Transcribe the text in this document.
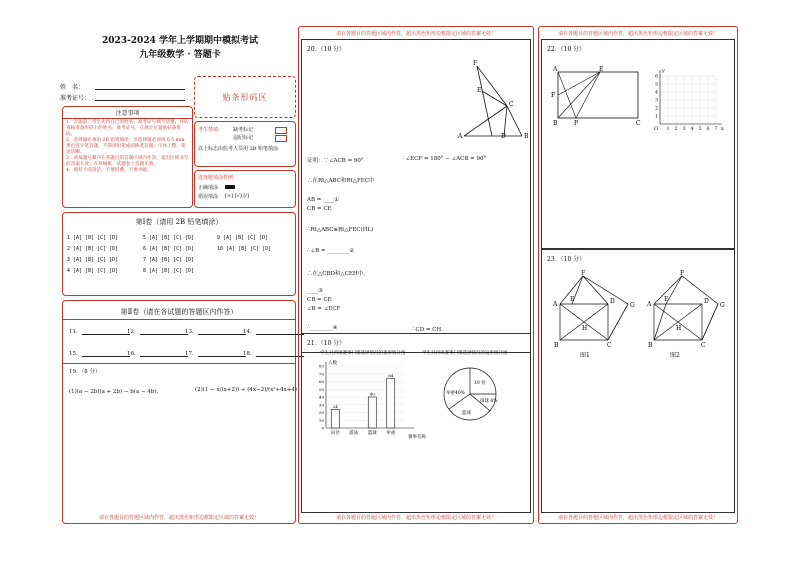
2023-2024 学年上学期期中模拟考试
九年级数学 · 答题卡
姓　名：
准考证号：	贴条形码区
注意事项
1．答题前，考生先将自己的姓名、准考证号填写清楚，并认真核准条形码上的姓名、准考证号，在规定位置贴好条形码。
2．选择题必须用 2B 铅笔填涂；非选择题必须用 0.5 mm 黑色签字笔答题，不得用铅笔或圆珠笔答题；字体工整、笔迹清晰。
3．请按题号顺序在各题目的答题区域内作答，超出区域书写的答案无效；在草稿纸、试题卷上答题无效。
4．保持卡面清洁，不要折叠、不要弄破。
考生禁填： 缺考标记
违纪标记
以上标志由监考人员用 2B 铅笔填涂
选择题填涂样例：
正确填涂
错误填涂 [×] [√] [/]
第Ⅰ卷（请用 2B 铅笔填涂）
1 [A] [B] [C] [D]
2 [A] [B] [C] [D]
3 [A] [B] [C] [D]
4 [A] [B] [C] [D]
5 [A] [B] [C] [D]
6 [A] [B] [C] [D]
7 [A] [B] [C] [D]
8 [A] [B] [C] [D]
9 [A] [B] [C] [D]
10 [A] [B] [C] [D]
第Ⅱ卷（请在各试题的答题区内作答）
11．	12．	13．	14．
15．	16．	17．	18．
19．（8 分）
(1)(a − 2b)(a + 2b) − b(a − 4b)；	(2)(1 − x/(x+2)) ÷ (4x−2)/(x²+4x+4)
请在各题目的答题区域内作答，超出黑色矩形边框限定区域的答案无效！
请在各题目的答题区域内作答，超出黑色矩形边框限定区域的答案无效！
20．（10 分）
F
E
C
A	D	B
证明：∵∠ACB = 90°	∴∠ECF = 180° − ∠ACB = 90°
∴在Rt△ABC和Rt△FEC中
AB = ____①
CB = CE
∴Rt△ABC≌Rt△FEC(HL)
∴∠B = ________②
∴在△CBD和△CEH中，
____③
CB = CE
∠B = ∠ECF
∴________④	∴CD = CH．
21．（10 分）
学生对四项赛事门票选择情况的条形统计图	学生对四项赛事门票选择情况的扇形统计图
80
70
60
50
40
30
20
10
0
人数
赛事名称
24
田径 游泳
40
篮球
64
举重
10 份
排球 6%
篮球
举重40%
请在各题目的答题区域内作答，超出黑色矩形边框限定区域的答案无效！
请在各题目的答题区域内作答，超出黑色矩形边框限定区域的答案无效！
22．（10 分）
A	E
B	P	C
F
1 2 3 4 5 6 7
6
5
4
3
2
1
O	x
y
23．（10 分）
F
E
A	D
G
B
H
C
图1
F
E
A	D
G
B
H
C
图2
请在各题目的答题区域内作答，超出黑色矩形边框限定区域的答案无效！
